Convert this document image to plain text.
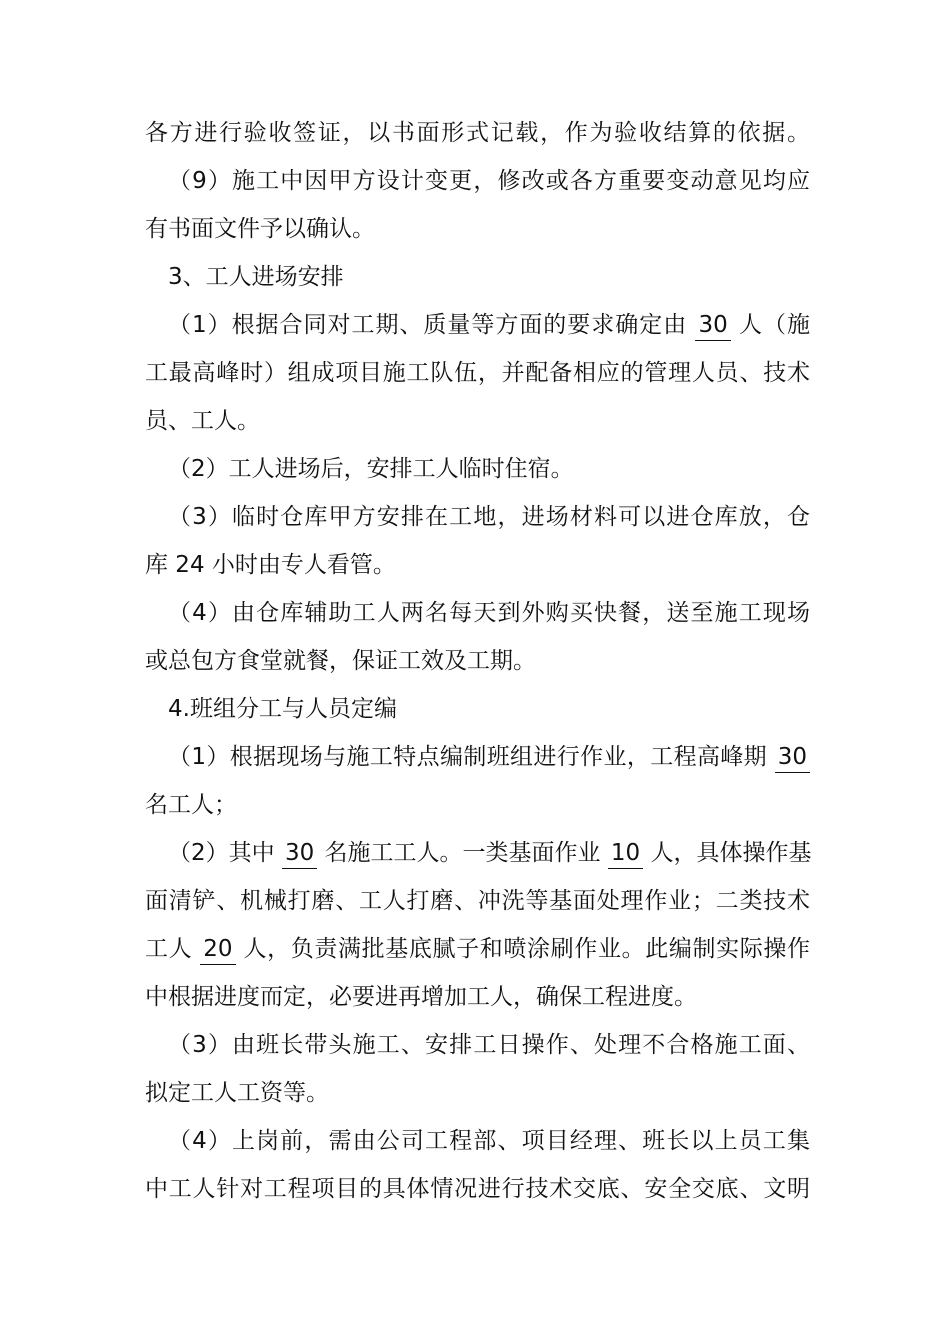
各方进行验收签证，以书面形式记载，作为验收结算的依据。
（9）施工中因甲方设计变更，修改或各方重要变动意见均应
有书面文件予以确认。
3、工人进场安排
（1）根据合同对工期、质量等方面的要求确定由 30 人（施
工最高峰时）组成项目施工队伍，并配备相应的管理人员、技术
员、工人。
（2）工人进场后，安排工人临时住宿。
（3）临时仓库甲方安排在工地，进场材料可以进仓库放，仓
库 24 小时由专人看管。
（4）由仓库辅助工人两名每天到外购买快餐，送至施工现场
或总包方食堂就餐，保证工效及工期。
4.班组分工与人员定编
（1）根据现场与施工特点编制班组进行作业，工程高峰期 30
名工人；
（2）其中 30 名施工工人。一类基面作业 10 人，具体操作基
面清铲、机械打磨、工人打磨、冲洗等基面处理作业；二类技术
工人 20 人，负责满批基底腻子和喷涂刷作业。此编制实际操作
中根据进度而定，必要进再增加工人，确保工程进度。
（3）由班长带头施工、安排工日操作、处理不合格施工面、
拟定工人工资等。
（4）上岗前，需由公司工程部、项目经理、班长以上员工集
中工人针对工程项目的具体情况进行技术交底、安全交底、文明
